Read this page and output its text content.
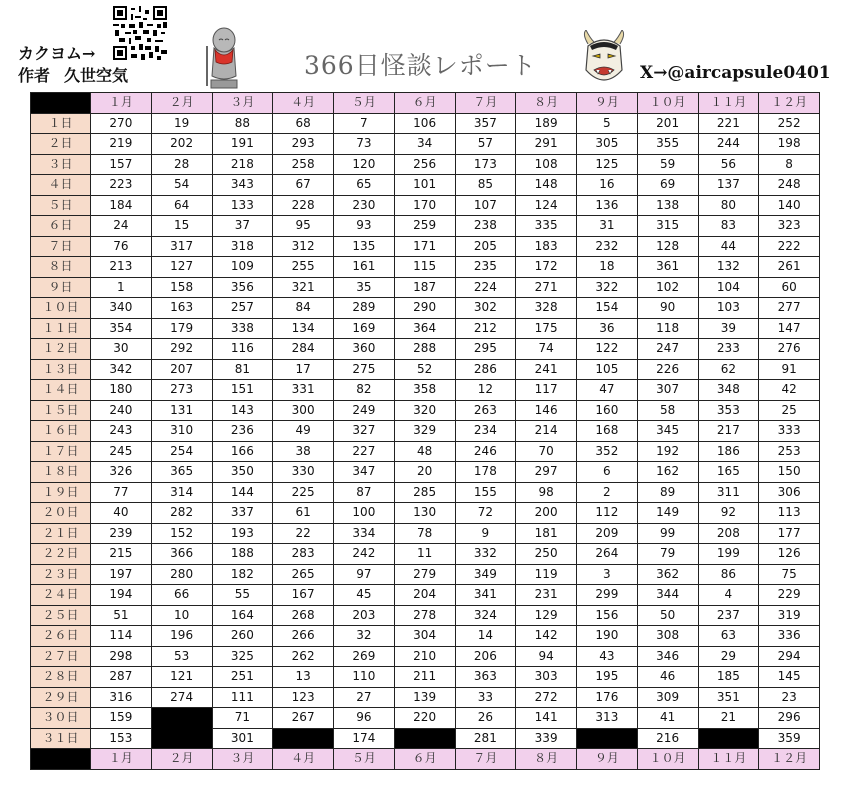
カクヨム→
作者 久世空気	366日怪談レポート	X→@aircapsule0401
	１月	２月	３月	４月	５月	６月	７月	８月	９月	１０月	１１月	１２月
１日	270	19	88	68	7	106	357	189	5	201	221	252
２日	219	202	191	293	73	34	57	291	305	355	244	198
３日	157	28	218	258	120	256	173	108	125	59	56	8
４日	223	54	343	67	65	101	85	148	16	69	137	248
５日	184	64	133	228	230	170	107	124	136	138	80	140
６日	24	15	37	95	93	259	238	335	31	315	83	323
７日	76	317	318	312	135	171	205	183	232	128	44	222
８日	213	127	109	255	161	115	235	172	18	361	132	261
９日	1	158	356	321	35	187	224	271	322	102	104	60
１０日	340	163	257	84	289	290	302	328	154	90	103	277
１１日	354	179	338	134	169	364	212	175	36	118	39	147
１２日	30	292	116	284	360	288	295	74	122	247	233	276
１３日	342	207	81	17	275	52	286	241	105	226	62	91
１４日	180	273	151	331	82	358	12	117	47	307	348	42
１５日	240	131	143	300	249	320	263	146	160	58	353	25
１６日	243	310	236	49	327	329	234	214	168	345	217	333
１７日	245	254	166	38	227	48	246	70	352	192	186	253
１８日	326	365	350	330	347	20	178	297	6	162	165	150
１９日	77	314	144	225	87	285	155	98	2	89	311	306
２０日	40	282	337	61	100	130	72	200	112	149	92	113
２１日	239	152	193	22	334	78	9	181	209	99	208	177
２２日	215	366	188	283	242	11	332	250	264	79	199	126
２３日	197	280	182	265	97	279	349	119	3	362	86	75
２４日	194	66	55	167	45	204	341	231	299	344	4	229
２５日	51	10	164	268	203	278	324	129	156	50	237	319
２６日	114	196	260	266	32	304	14	142	190	308	63	336
２７日	298	53	325	262	269	210	206	94	43	346	29	294
２８日	287	121	251	13	110	211	363	303	195	46	185	145
２９日	316	274	111	123	27	139	33	272	176	309	351	23
３０日	159		71	267	96	220	26	141	313	41	21	296
３１日	153		301		174		281	339		216		359
	１月	２月	３月	４月	５月	６月	７月	８月	９月	１０月	１１月	１２月
